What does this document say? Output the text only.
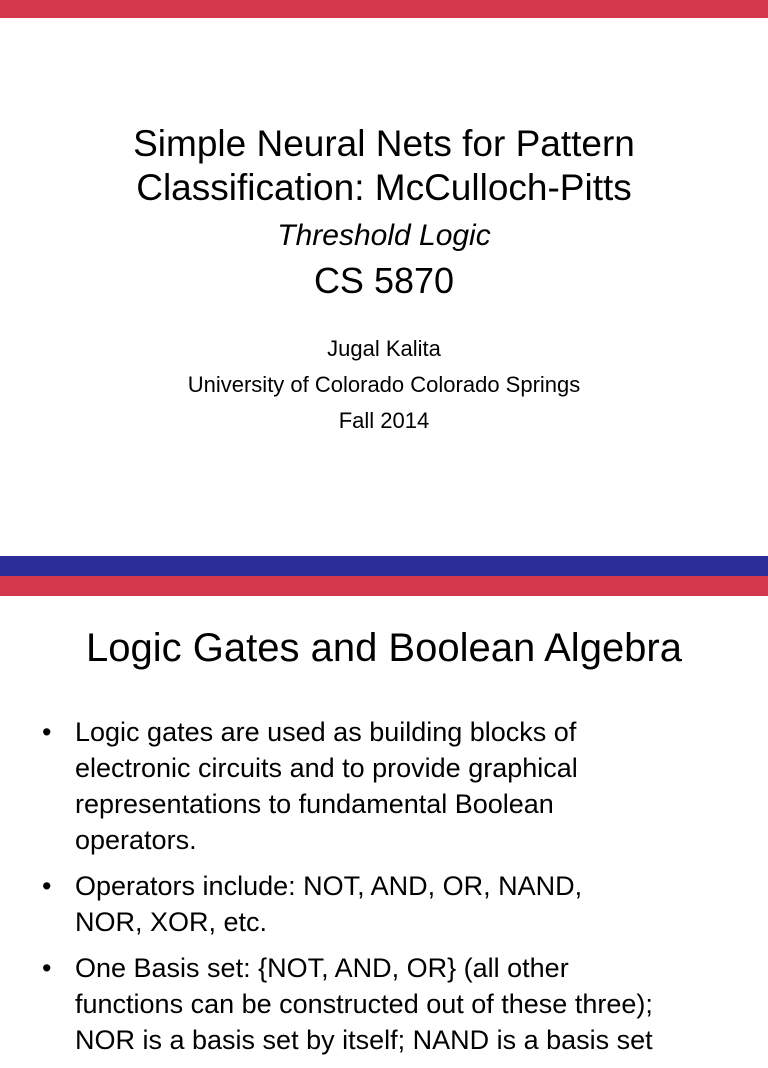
Simple Neural Nets for Pattern
Classification: McCulloch-Pitts
Threshold Logic
CS 5870
Jugal Kalita
University of Colorado Colorado Springs
Fall 2014
Logic Gates and Boolean Algebra
• Logic gates are used as building blocks of
electronic circuits and to provide graphical
representations to fundamental Boolean
operators.
• Operators include: NOT, AND, OR, NAND,
NOR, XOR, etc.
• One Basis set: {NOT, AND, OR} (all other
functions can be constructed out of these three);
NOR is a basis set by itself; NAND is a basis set
